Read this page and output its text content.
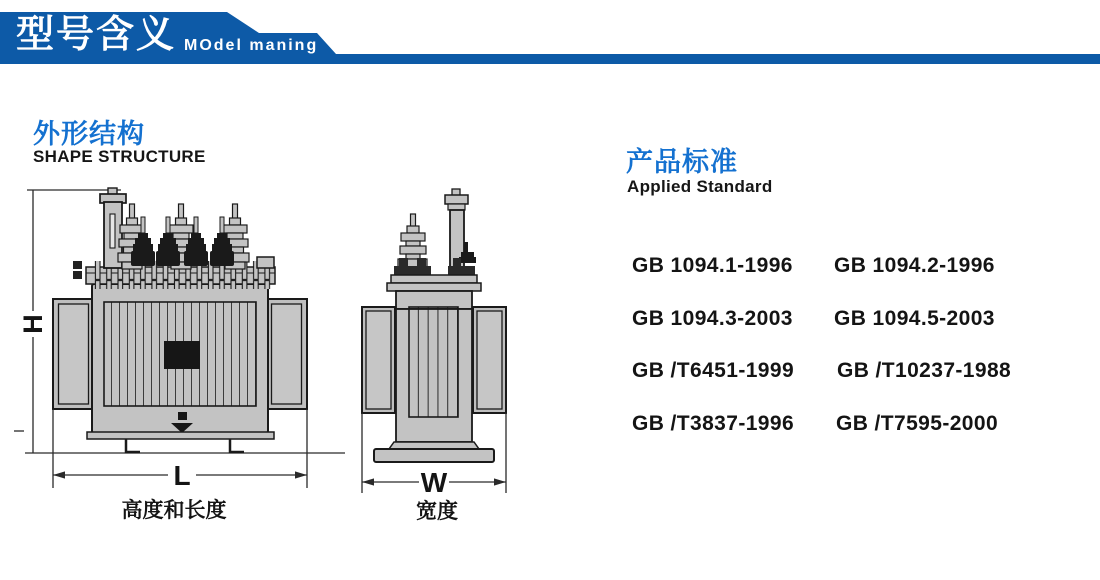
型号含义 MOdel maning
外形结构
SHAPE STRUCTURE	产品标准
Applied Standard
GB 1094.1-1996 GB 1094.2-1996
GB 1094.3-2003 GB 1094.5-2003
GB /T6451-1999 GB /T10237-1988
GB /T3837-1996 GB /T7595-2000
H
L
高度和长度
W
宽度
